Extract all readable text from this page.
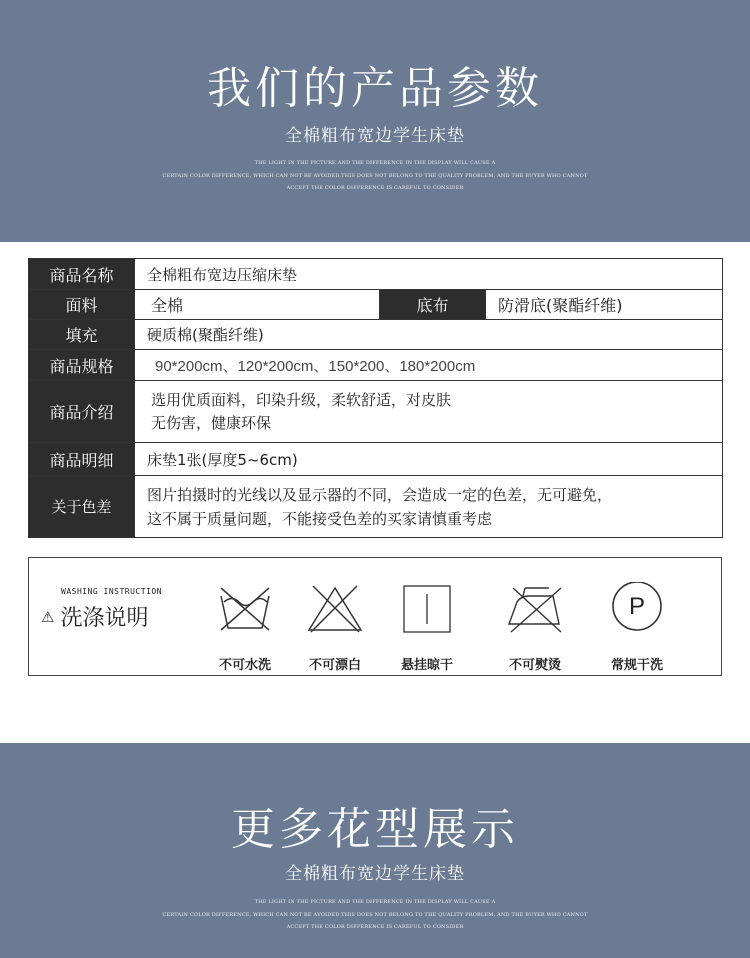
我们的产品参数
全棉粗布宽边学生床垫
THE LIGHT IN THE PICTURE AND THE DIFFERENCE IN THE DISPLAY WILL CAUSE A
CERTAIN COLOR DIFFERENCE, WHICH CAN NOT BE AVOIDED.THIS DOES NOT BELONG TO THE QUALITY PROBLEM, AND THE BUYER WHO CANNOT
ACCEPT THE COLOR DIFFERENCE IS CAREFUL TO CONSIDER
商品名称	全棉粗布宽边压缩床垫		
面料	全棉	底布	防滑底(聚酯纤维)
填充	硬质棉(聚酯纤维)		
商品规格	90*200cm、120*200cm、150*200、180*200cm		
商品介绍	选用优质面料，印染升级，柔软舒适，对皮肤
无伤害，健康环保		

商品明细	床垫1张(厚度5~6cm)		
关于色差	图片拍摄时的光线以及显示器的不同，会造成一定的色差，无可避免，
这不属于质量问题，不能接受色差的买家请慎重考虑		
WASHING INSTRUCTION
⚠ 洗涤说明
不可水洗	不可漂白	悬挂晾干	不可熨烫
P
常规干洗
更多花型展示
全棉粗布宽边学生床垫
THE LIGHT IN THE PICTURE AND THE DIFFERENCE IN THE DISPLAY WILL CAUSE A
CERTAIN COLOR DIFFERENCE, WHICH CAN NOT BE AVOIDED.THIS DOES NOT BELONG TO THE QUALITY PROBLEM, AND THE BUYER WHO CANNOT
ACCEPT THE COLOR DIFFERENCE IS CAREFUL TO CONSIDER
